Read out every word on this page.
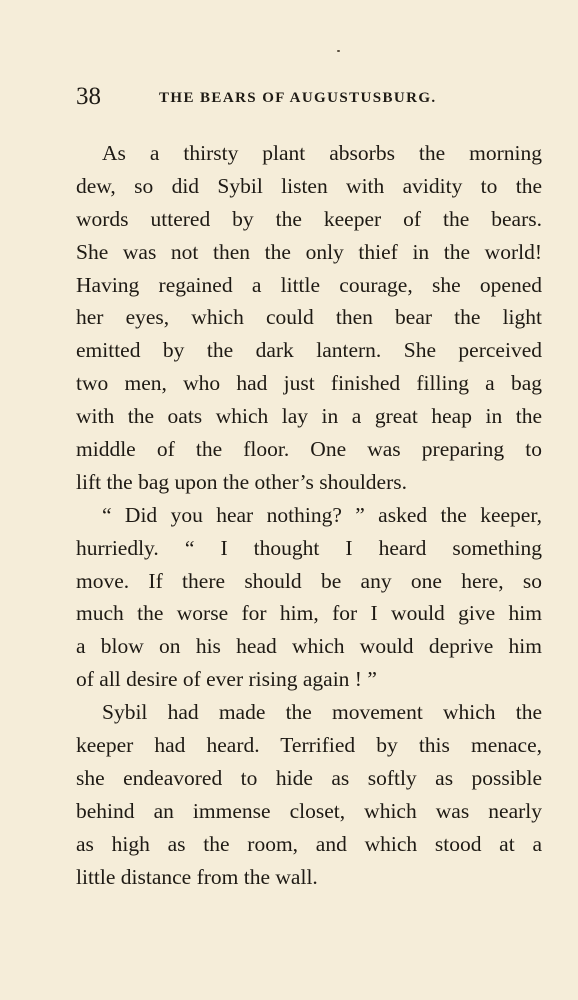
38	THE BEARS OF AUGUSTUSBURG.
As a thirsty plant absorbs the morning
dew, so did Sybil listen with avidity to the
words uttered by the keeper of the bears.
She was not then the only thief in the world!
Having regained a little courage, she opened
her eyes, which could then bear the light
emitted by the dark lantern. She perceived
two men, who had just finished filling a bag
with the oats which lay in a great heap in the
middle of the floor. One was preparing to
lift the bag upon the other’s shoulders.
“ Did you hear nothing? ” asked the keeper,
hurriedly. “ I thought I heard something
move. If there should be any one here, so
much the worse for him, for I would give him
a blow on his head which would deprive him
of all desire of ever rising again ! ”
Sybil had made the movement which the
keeper had heard. Terrified by this menace,
she endeavored to hide as softly as possible
behind an immense closet, which was nearly
as high as the room, and which stood at a
little distance from the wall.
